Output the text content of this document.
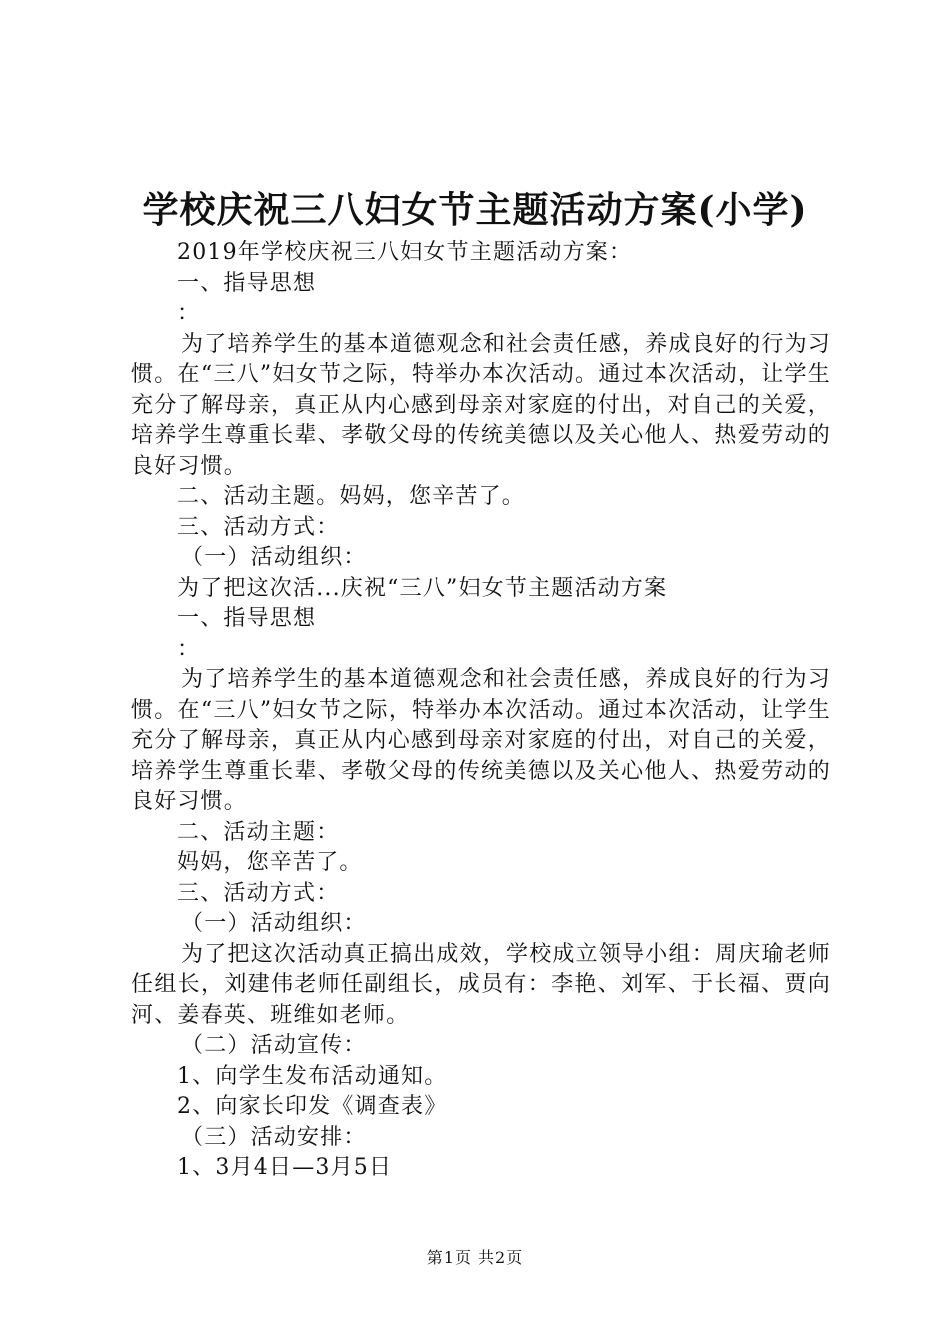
学校庆祝三八妇女节主题活动方案(小学)
2019年学校庆祝三八妇女节主题活动方案：
一、指导思想
：
为了培养学生的基本道德观念和社会责任感，养成良好的行为习惯。在“三八”妇女节之际，特举办本次活动。通过本次活动，让学生充分了解母亲，真正从内心感到母亲对家庭的付出，对自己的关爱，培养学生尊重长辈、孝敬父母的传统美德以及关心他人、热爱劳动的良好习惯。
二、活动主题。妈妈，您辛苦了。
三、活动方式：
（一）活动组织：
为了把这次活...庆祝“三八”妇女节主题活动方案
一、指导思想
：
为了培养学生的基本道德观念和社会责任感，养成良好的行为习惯。在“三八”妇女节之际，特举办本次活动。通过本次活动，让学生充分了解母亲，真正从内心感到母亲对家庭的付出，对自己的关爱，培养学生尊重长辈、孝敬父母的传统美德以及关心他人、热爱劳动的良好习惯。
二、活动主题：
妈妈，您辛苦了。
三、活动方式：
（一）活动组织：
为了把这次活动真正搞出成效，学校成立领导小组：周庆瑜老师任组长，刘建伟老师任副组长，成员有：李艳、刘军、于长福、贾向河、姜春英、班维如老师。
（二）活动宣传：
1、向学生发布活动通知。
2、向家长印发《调查表》
（三）活动安排：
1、3月4日—3月5日
第1页 共2页
